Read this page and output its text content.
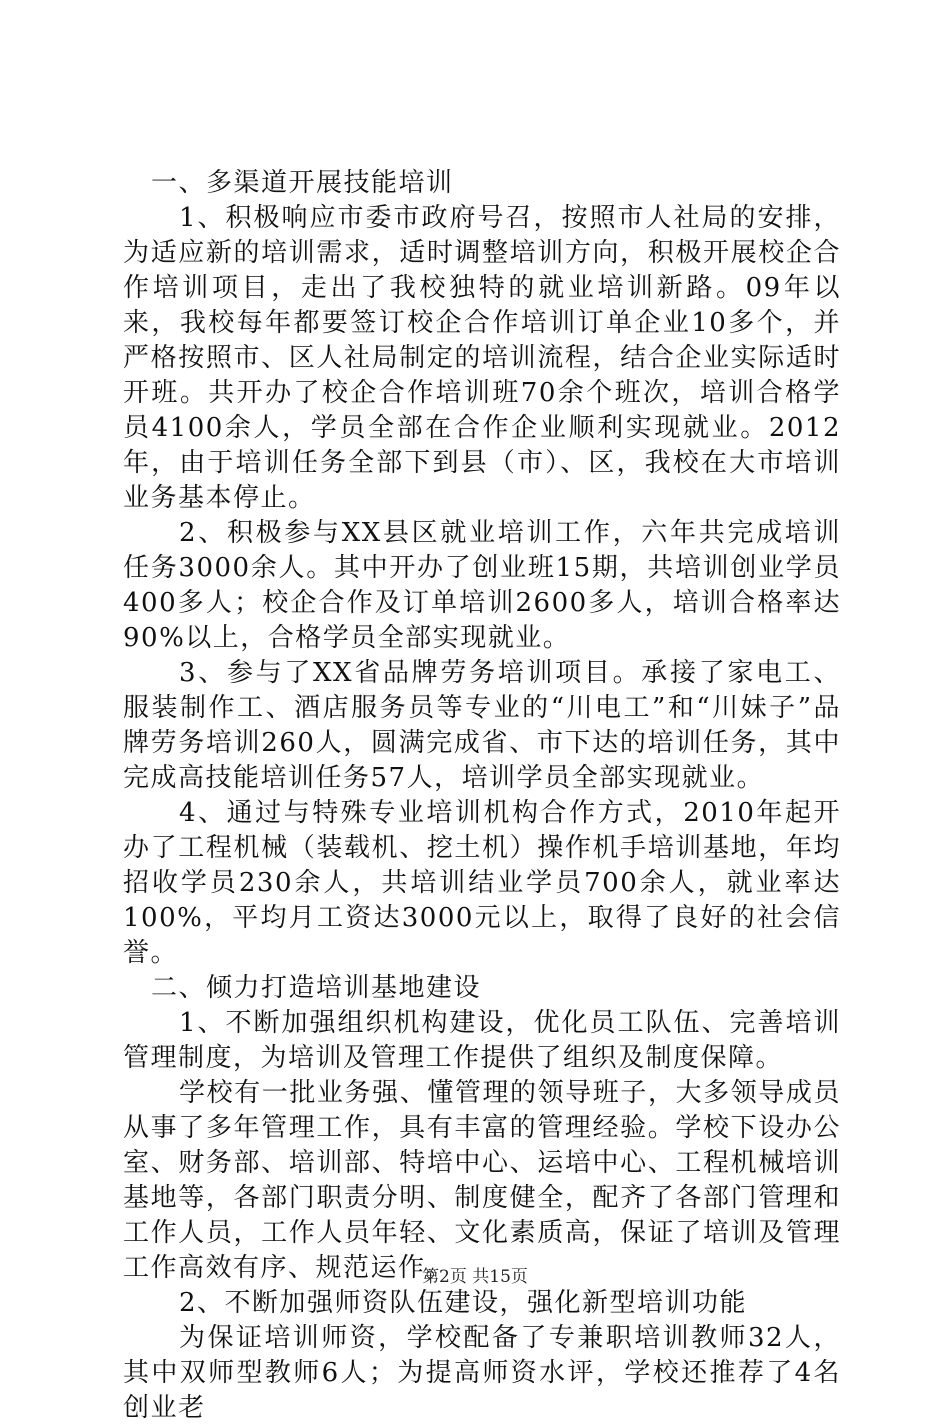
一、多渠道开展技能培训

1、积极响应市委市政府号召，按照市人社局的安排，为适应新的培训需求，适时调整培训方向，积极开展校企合作培训项目，走出了我校独特的就业培训新路。09年以来，我校每年都要签订校企合作培训订单企业10多个，并严格按照市、区人社局制定的培训流程，结合企业实际适时开班。共开办了校企合作培训班70余个班次，培训合格学员4100余人，学员全部在合作企业顺利实现就业。2012年，由于培训任务全部下到县（市）、区，我校在大市培训业务基本停止。

2、积极参与XX县区就业培训工作，六年共完成培训任务3000余人。其中开办了创业班15期，共培训创业学员400多人；校企合作及订单培训2600多人，培训合格率达90%以上，合格学员全部实现就业。

3、参与了XX省品牌劳务培训项目。承接了家电工、服装制作工、酒店服务员等专业的“川电工”和“川妹子”品牌劳务培训260人，圆满完成省、市下达的培训任务，其中完成高技能培训任务57人，培训学员全部实现就业。

4、通过与特殊专业培训机构合作方式，2010年起开办了工程机械（装载机、挖土机）操作机手培训基地，年均招收学员230余人，共培训结业学员700余人，就业率达100%，平均月工资达3000元以上，取得了良好的社会信誉。

二、倾力打造培训基地建设

1、不断加强组织机构建设，优化员工队伍、完善培训管理制度，为培训及管理工作提供了组织及制度保障。

学校有一批业务强、懂管理的领导班子，大多领导成员从事了多年管理工作，具有丰富的管理经验。学校下设办公室、财务部、培训部、特培中心、运培中心、工程机械培训基地等，各部门职责分明、制度健全，配齐了各部门管理和工作人员，工作人员年轻、文化素质高，保证了培训及管理工作高效有序、规范运作。

2、不断加强师资队伍建设，强化新型培训功能

为保证培训师资，学校配备了专兼职培训教师32人，其中双师型教师6人；为提高师资水评，学校还推荐了4名创业老

第2页 共15页
